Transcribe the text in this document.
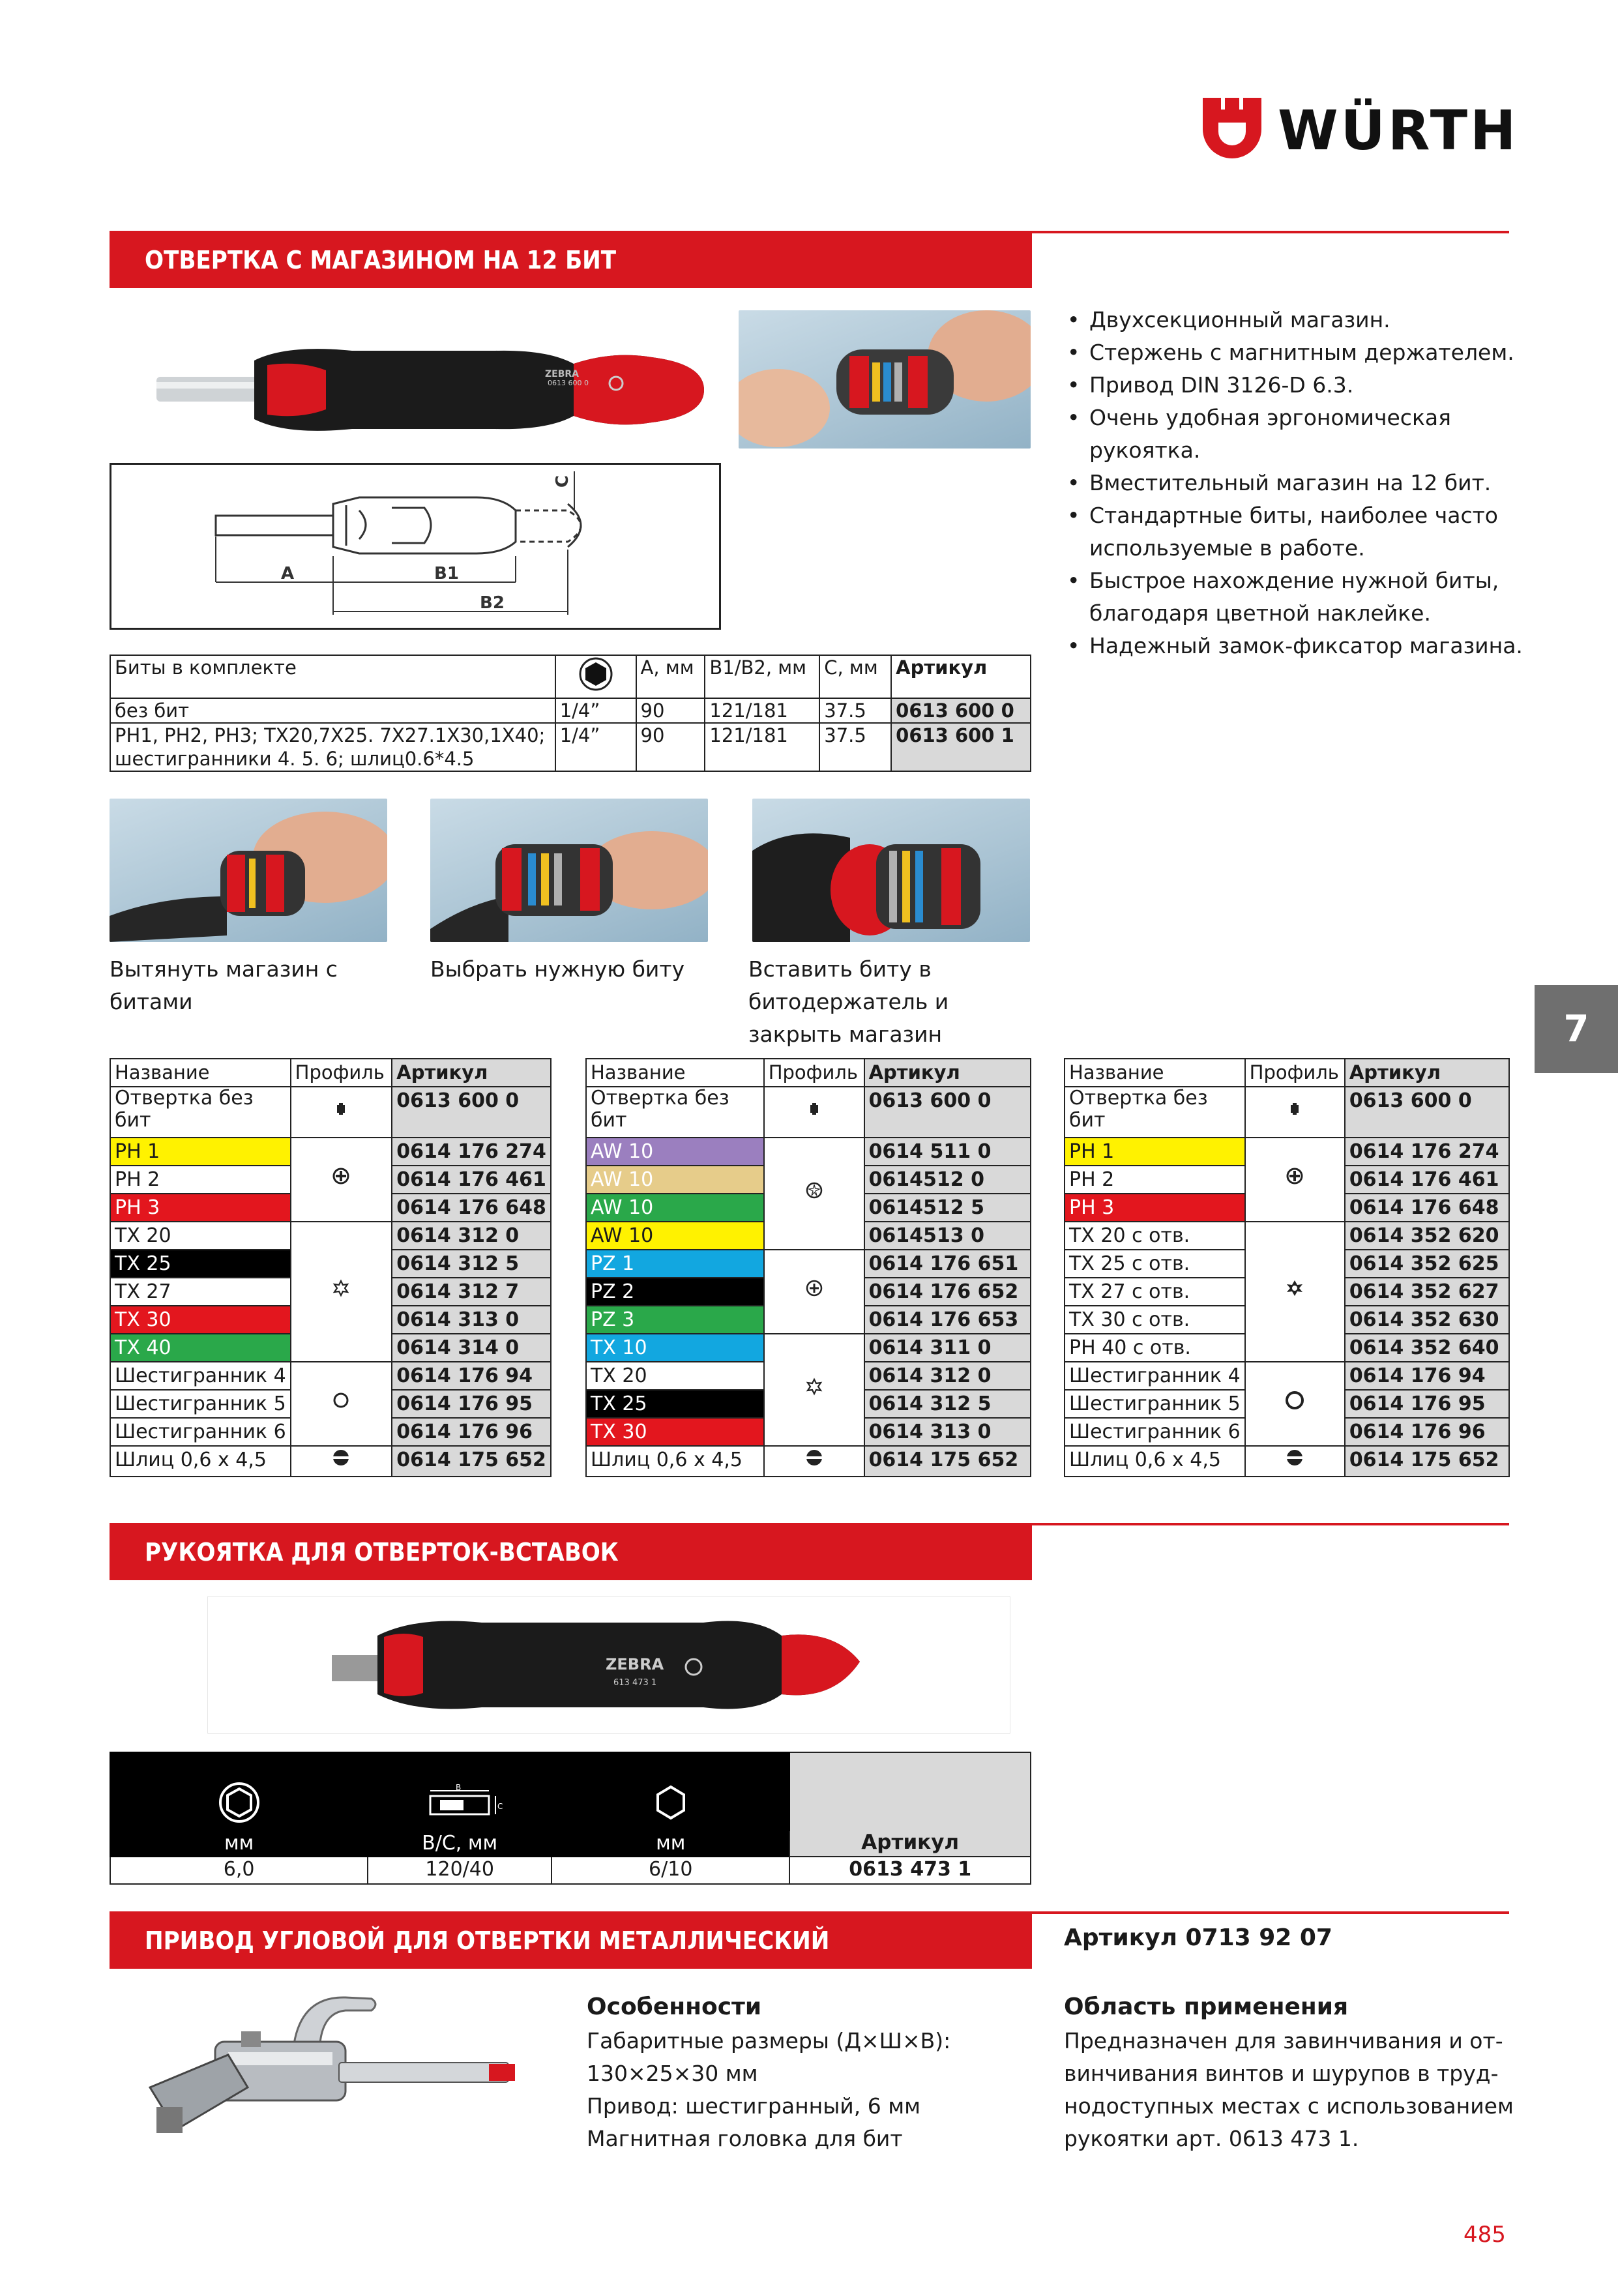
WÜRTH
ОТВЕРТКА С МАГАЗИНОМ НА 12 БИТ
0613 600 0
ZEBRA
A	B1
B2
C
• Двухсекционный магазин.
• Стержень с магнитным держателем.
• Привод DIN 3126-D 6.3.
• Очень удобная эргономическая рукоятка.
• Вместительный магазин на 12 бит.
• Стандартные биты, наиболее часто используемые в работе.
• Быстрое нахождение нужной биты, благодаря цветной наклейке.
• Надежный замок-фиксатор магазина.
Биты в комплекте		A, мм	B1/B2, мм	C, мм	Артикул
без бит	1/4”	90	121/181	37.5	0613 600 0
PH1, PH2, PH3; TX20,7X25. 7X27.1X30,1X40; шестигранники 4. 5. 6; шлиц0.6*4.5	1/4”	90	121/181	37.5	0613 600 1
Вытянуть магазин с битами
Выбрать нужную биту	Вставить биту в битодержатель и закрыть магазин
Название	Профиль	Артикул
Отвертка без бит		0613 600 0
PH 1		0614 176 274
PH 2		0614 176 461
PH 3		0614 176 648
TX 20		0614 312 0
TX 25		0614 312 5
TX 27		0614 312 7
TX 30		0614 313 0
TX 40		0614 314 0
Шестигранник 4		0614 176 94
Шестигранник 5		0614 176 95
Шестигранник 6		0614 176 96
Шлиц 0,6 x 4,5		0614 175 652
Название	Профиль	Артикул
Отвертка без бит		0613 600 0
AW 10		0614 511 0
AW 10		0614512 0
AW 10		0614512 5
AW 10		0614513 0
PZ 1		0614 176 651
PZ 2		0614 176 652
PZ 3		0614 176 653
TX 10		0614 311 0
TX 20		0614 312 0
TX 25		0614 312 5
TX 30		0614 313 0
Шлиц 0,6 x 4,5		0614 175 652
Название	Профиль	Артикул
Отвертка без бит		0613 600 0
PH 1		0614 176 274
PH 2		0614 176 461
PH 3		0614 176 648
TX 20 с отв.		0614 352 620
TX 25 с отв.		0614 352 625
TX 27 с отв.		0614 352 627
TX 30 с отв.		0614 352 630
PH 40 с отв.		0614 352 640
Шестигранник 4		0614 176 94
Шестигранник 5		0614 176 95
Шестигранник 6		0614 176 96
Шлиц 0,6 x 4,5		0614 175 652
7
РУКОЯТКА ДЛЯ ОТВЕРТОК-ВСТАВОК
ZEBRA
613 473 1

B
C		Артикул
мм	B/C, мм	мм	
6,0	120/40	6/10	0613 473 1
ПРИВОД УГЛОВОЙ ДЛЯ ОТВЕРТКИ МЕТАЛЛИЧЕСКИЙ	Артикул 0713 92 07
Особенности
Габаритные размеры (Д×Ш×В):
130×25×30 мм
Привод: шестигранный, 6 мм
Магнитная головка для бит
Область применения
Предназначен для завинчивания и от-
винчивания винтов и шурупов в труд-
нодоступных местах с использованием
рукоятки арт. 0613 473 1.
485
